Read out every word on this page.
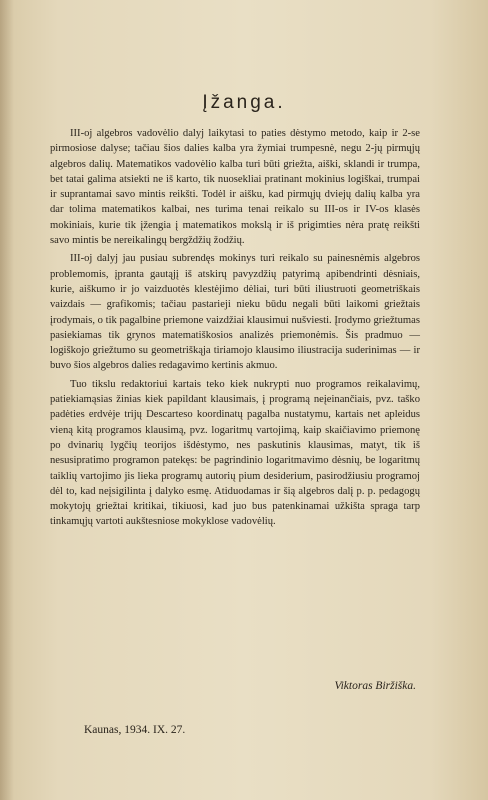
Įžanga.

III-oj algebros vadovėlio dalyj laikytasi to paties dėstymo metodo, kaip ir 2-se pirmosiose dalyse; tačiau šios dalies kalba yra žymiai trumpesnė, negu 2-jų pirmųjų algebros dalių. Matematikos vadovėlio kalba turi būti griežta, aiški, sklandi ir trumpa, bet tatai galima atsiekti ne iš karto, tik nuosekliai pratinant mokinius logiškai, trumpai ir suprantamai savo mintis reikšti. Todėl ir aišku, kad pirmųjų dviejų dalių kalba yra dar tolima matematikos kalbai, nes turima tenai reikalo su III-os ir IV-os klasės mokiniais, kurie tik įžengia į matematikos mokslą ir iš prigimties nėra pratę reikšti savo mintis be nereikalingų bergždžių žodžių.

III-oj dalyj jau pusiau subrendęs mokinys turi reikalo su painesnėmis algebros problemomis, įpranta gautąjį iš atskirų pavyzdžių patyrimą apibendrinti dėsniais, kurie, aiškumo ir jo vaizduotės klestėjimo dėliai, turi būti iliustruoti geometriškais vaizdais — grafikomis; tačiau pastarieji nieku būdu negali būti laikomi griežtais įrodymais, o tik pagalbine priemone vaizdžiai klausimui nušviesti. Įrodymo griežtumas pasiekiamas tik grynos matematiškosios analizės priemonėmis. Šis pradmuo — logiškojo griežtumo su geometriškąja tiriamojo klausimo iliustracija suderinimas — ir buvo šios algebros dalies redagavimo kertinis akmuo.

Tuo tikslu redaktoriui kartais teko kiek nukrypti nuo programos reikalavimų, patiekiamąsias žinias kiek papildant klausimais, į programą neįeinančiais, pvz. taško padėties erdvėje trijų Descarteso koordinatų pagalba nustatymu, kartais net apleidus vieną kitą programos klausimą, pvz. logaritmų vartojimą, kaip skaičiavimo priemonę po dvinarių lygčių teorijos išdėstymo, nes paskutinis klausimas, matyt, tik iš nesusipratimo programon patekęs: be pagrindinio logaritmavimo dėsnių, be logaritmų taiklių vartojimo jis lieka programų autorių pium desiderium, pasirodžiusiu programoj dėl to, kad neįsigilinta į dalyko esmę. Atiduodamas ir šią algebros dalį p. p. pedagogų mokytojų griežtai kritikai, tikiuosi, kad juo bus patenkinamai užkišta spraga tarp tinkamųjų vartoti aukštesniose mokyklose vadovėlių.

Viktoras Biržiška.
Kaunas, 1934. IX. 27.
